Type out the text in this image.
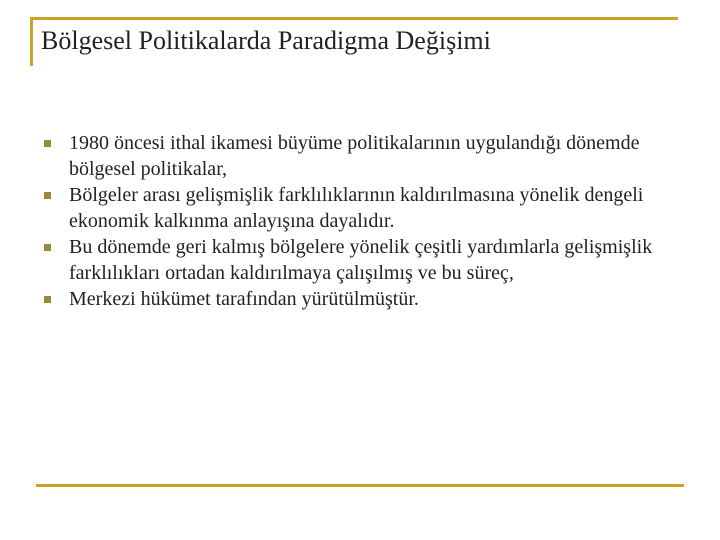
Bölgesel Politikalarda Paradigma Değişimi
1980 öncesi ithal ikamesi büyüme politikalarının uygulandığı dönemde bölgesel politikalar,
Bölgeler arası gelişmişlik farklılıklarının kaldırılmasına yönelik dengeli ekonomik kalkınma anlayışına dayalıdır.
Bu dönemde geri kalmış bölgelere yönelik çeşitli yardımlarla gelişmişlik farklılıkları ortadan kaldırılmaya çalışılmış ve bu süreç,
Merkezi hükümet tarafından yürütülmüştür.
